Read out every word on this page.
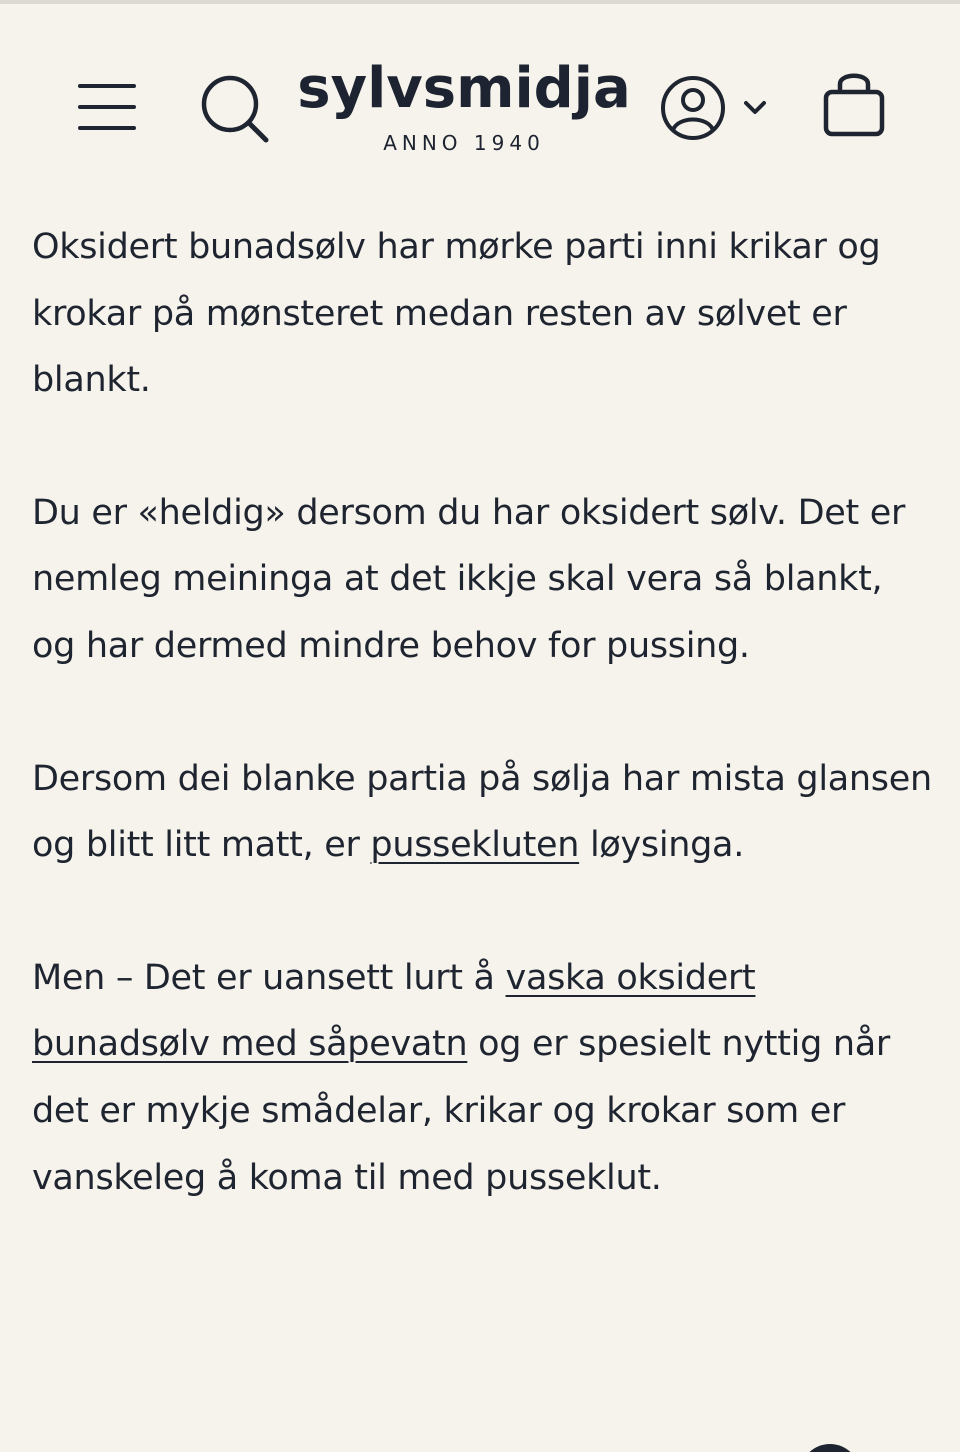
sylvsmidja
ANNO 1940

Oksidert bunadsølv har mørke parti inni krikar og krokar på mønsteret medan resten av sølvet er blankt.

Du er «heldig» dersom du har oksidert sølv. Det er nemleg meininga at det ikkje skal vera så blankt, og har dermed mindre behov for pussing.

Dersom dei blanke partia på sølja har mista glansen og blitt litt matt, er pussekluten løysinga.

Men – Det er uansett lurt å vaska oksidert bunadsølv med såpevatn og er spesielt nyttig når det er mykje smådelar, krikar og krokar som er vanskeleg å koma til med pusseklut.
